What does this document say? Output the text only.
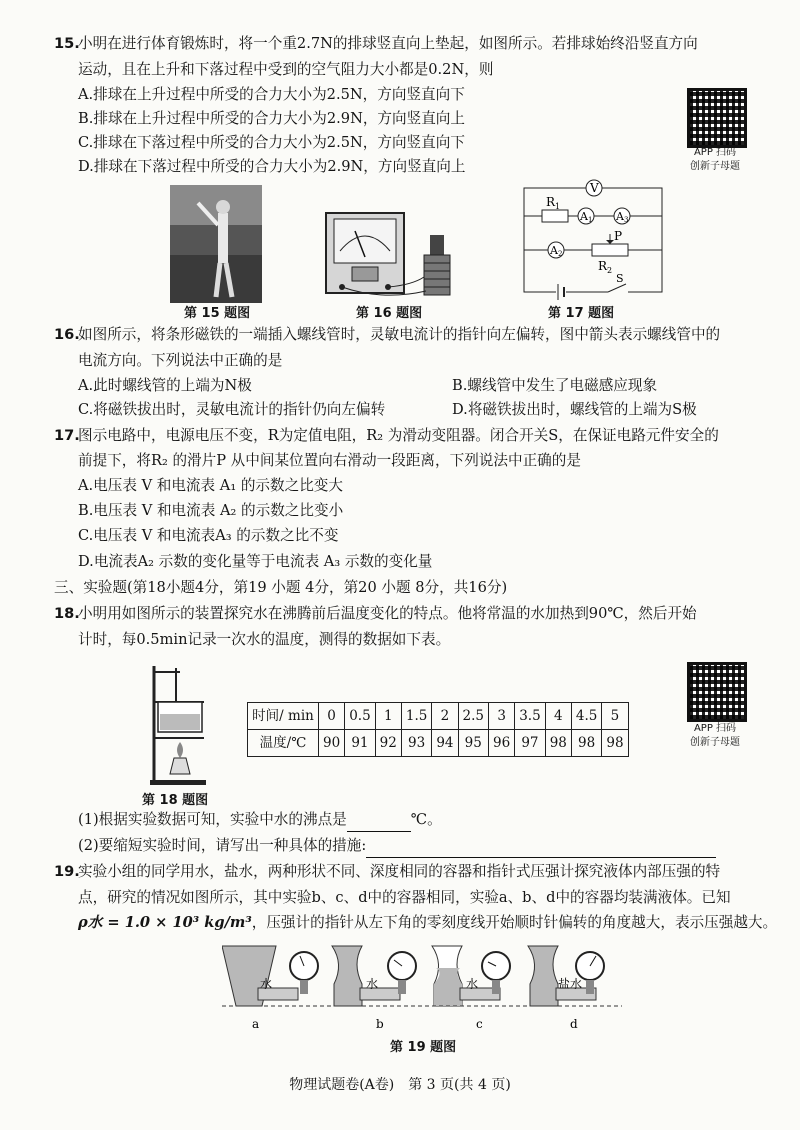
15.
小明在进行体育锻炼时，将一个重2.7N的排球竖直向上垫起，如图所示。若排球始终沿竖直方向
运动，且在上升和下落过程中受到的空气阻力大小都是0.2N，则
A.排球在上升过程中所受的合力大小为2.5N，方向竖直向下
B.排球在上升过程中所受的合力大小为2.9N，方向竖直向上
C.排球在下落过程中所受的合力大小为2.5N，方向竖直向下
D.排球在下落过程中所受的合力大小为2.9N，方向竖直向上
APP 扫码
创新子母题
第 15 题图	第 16 题图
V
$R_1$
A1 A3
A2
P
$R_2$
S
第 17 题图
16.
如图所示，将条形磁铁的一端插入螺线管时，灵敏电流计的指针向左偏转，图中箭头表示螺线管中的
电流方向。下列说法中正确的是
A.此时螺线管的上端为N极	B.螺线管中发生了电磁感应现象
C.将磁铁拔出时，灵敏电流计的指针仍向左偏转	D.将磁铁拔出时，螺线管的上端为S极
17.
图示电路中，电源电压不变，R为定值电阻，R₂ 为滑动变阻器。闭合开关S，在保证电路元件安全的
前提下，将R₂ 的滑片P 从中间某位置向右滑动一段距离，下列说法中正确的是
A.电压表 V 和电流表 A₁ 的示数之比变大
B.电压表 V 和电流表 A₂ 的示数之比变小
C.电压表 V 和电流表A₃ 的示数之比不变
D.电流表A₂ 示数的变化量等于电流表 A₃ 示数的变化量
三、实验题(第18小题4分，第19 小题 4分，第20 小题 8分，共16分)
18.
小明用如图所示的装置探究水在沸腾前后温度变化的特点。他将常温的水加热到90℃，然后开始
计时，每0.5min记录一次水的温度，测得的数据如下表。
第 18 题图
时间/ min	0	0.5	1	1.5	2	2.5	3	3.5	4	4.5	5
温度/℃	90	91	92	93	94	95	96	97	98	98	98
APP 扫码
创新子母题
(1)根据实验数据可知，实验中水的沸点是	℃。
(2)要缩短实验时间，请写出一种具体的措施:
19.
实验小组的同学用水，盐水，两种形状不同、深度相同的容器和指针式压强计探究液体内部压强的特
点，研究的情况如图所示，其中实验b、c、d中的容器相同，实验a、b、d中的容器均装满液体。已知
ρ水 = 1.0 × 10³ kg/m³，压强计的指针从左下角的零刻度线开始顺时针偏转的角度越大，表示压强越大。
水
a
水
b
水
c
盐水
d
第 19 题图
物理试题卷(A卷)　第 3 页(共 4 页)
